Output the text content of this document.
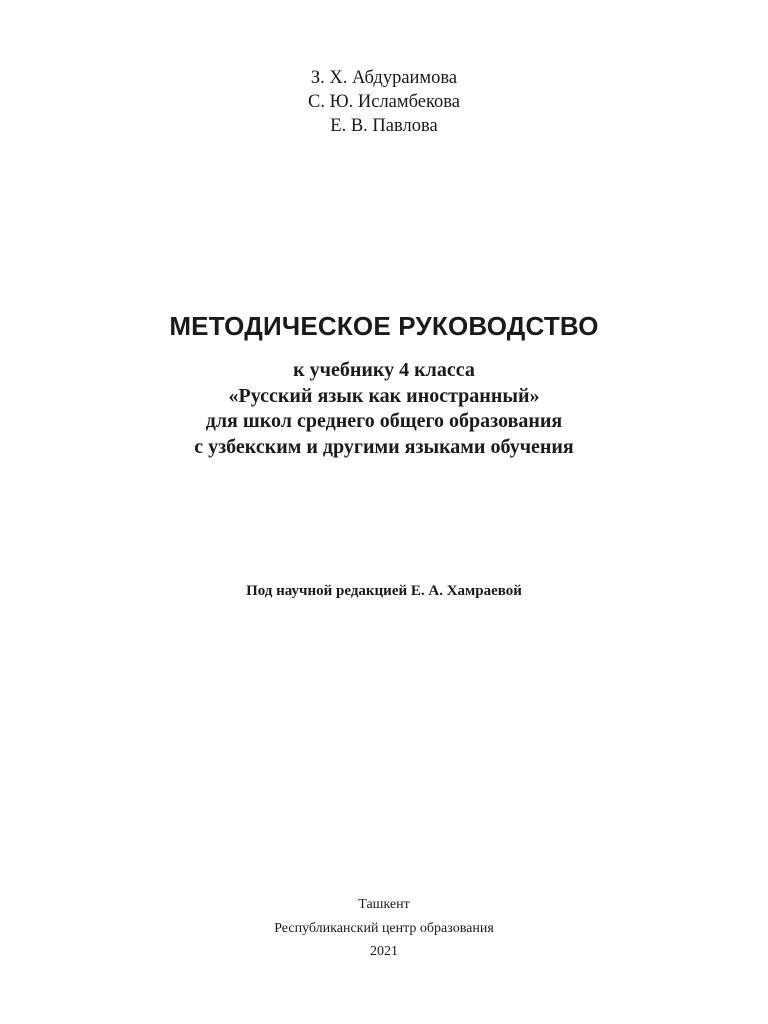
З. Х. Абдураимова
С. Ю. Исламбекова
Е. В. Павлова
МЕТОДИЧЕСКОЕ РУКОВОДСТВО
к учебнику 4 класса
«Русский язык как иностранный»
для школ среднего общего образования
с узбекским и другими языками обучения
Под научной редакцией Е. А. Хамраевой
Ташкент
Республиканский центр образования
2021
